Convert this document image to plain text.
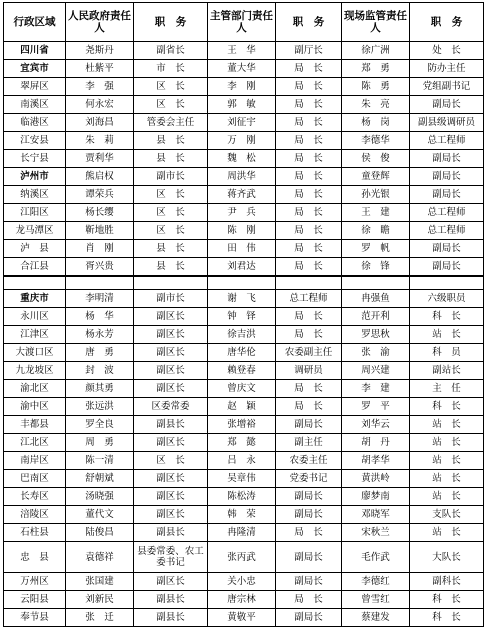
行政区域	人民政府责任人	职　务	主管部门责任人	职　务	现场监管责任人	职　务
四川省	尧斯丹	副省长	王　华	副厅长	徐广洲	处　长
宜宾市	杜紫平	市　长	董大华	局　长	郑　勇	防办主任
翠屏区	李　强	区　长	李　刚	局　长	陈　勇	党组副书记
南溪区	何永宏	区　长	郭　敏	局　长	朱　亮	副局长
临港区	刘海昌	管委会主任	刘征宇	局　长	杨　岗	副县级调研员
江安县	朱　莉	县　长	万　刚	局　长	李德华	总工程师
长宁县	贾利华	县　长	魏　松	局　长	侯　俊	副局长
泸州市	熊启权	副市长	周洪华	局　长	童登辉	副局长
纳溪区	谭荣兵	区　长	蒋齐武	局　长	孙光银	副局长
江阳区	杨长缨	区　长	尹　兵	局　长	王　建	总工程师
龙马潭区	靳地胜	区　长	陈　刚	局　长	徐　瞻	总工程师
泸　县	肖　刚	县　长	田　伟	局　长	罗　帆	副局长
合江县	胥兴贵	县　长	刘君达	局　长	徐　锋	副局长

重庆市	李明清	副市长	谢　飞	总工程师	冉强鱼	六级职员
永川区	杨　华	副区长	钟　铎	局　长	范开利	科　长
江津区	杨永芳	副区长	徐吉洪	局　长	罗思秋	站　长
大渡口区	唐　勇	副区长	唐华伦	农委副主任	张　渝	科　员
九龙坡区	封　波	副区长	赖登春	调研员	周兴建	副站长
渝北区	颜其勇	副区长	曾庆文	局　长	李　建	主　任
渝中区	张远洪	区委常委	赵　颖	局　长	罗　平	科　长
丰都县	罗全良	副县长	张增裕	副局长	刘华云	站　长
江北区	周　勇	副区长	郑　懿	副主任	胡　丹	站　长
南岸区	陈一清	区　长	吕　永	农委主任	胡孝华	站　长
巴南区	舒朝斌	副区长	吴章伟	党委书记	黄洪岭	站　长
长寿区	汤晓强	副区长	陈松涛	副局长	廖梦南	站　长
涪陵区	董代文	副区长	韩　荣	副局长	邓晓军	支队长
石柱县	陆俊昌	副县长	冉隆清	局　长	宋秋兰	站　长
忠　县	袁德祥	县委常委、农工委书记	张丙武	副局长	毛作武	大队长
万州区	张国建	副区长	关小忠	副局长	李德红	副科长
云阳县	刘新民	副县长	唐宗林	局　长	曾雪红	科　长
奉节县	张　迁	副县长	黄敬平	副局长	蔡建发	科　长
